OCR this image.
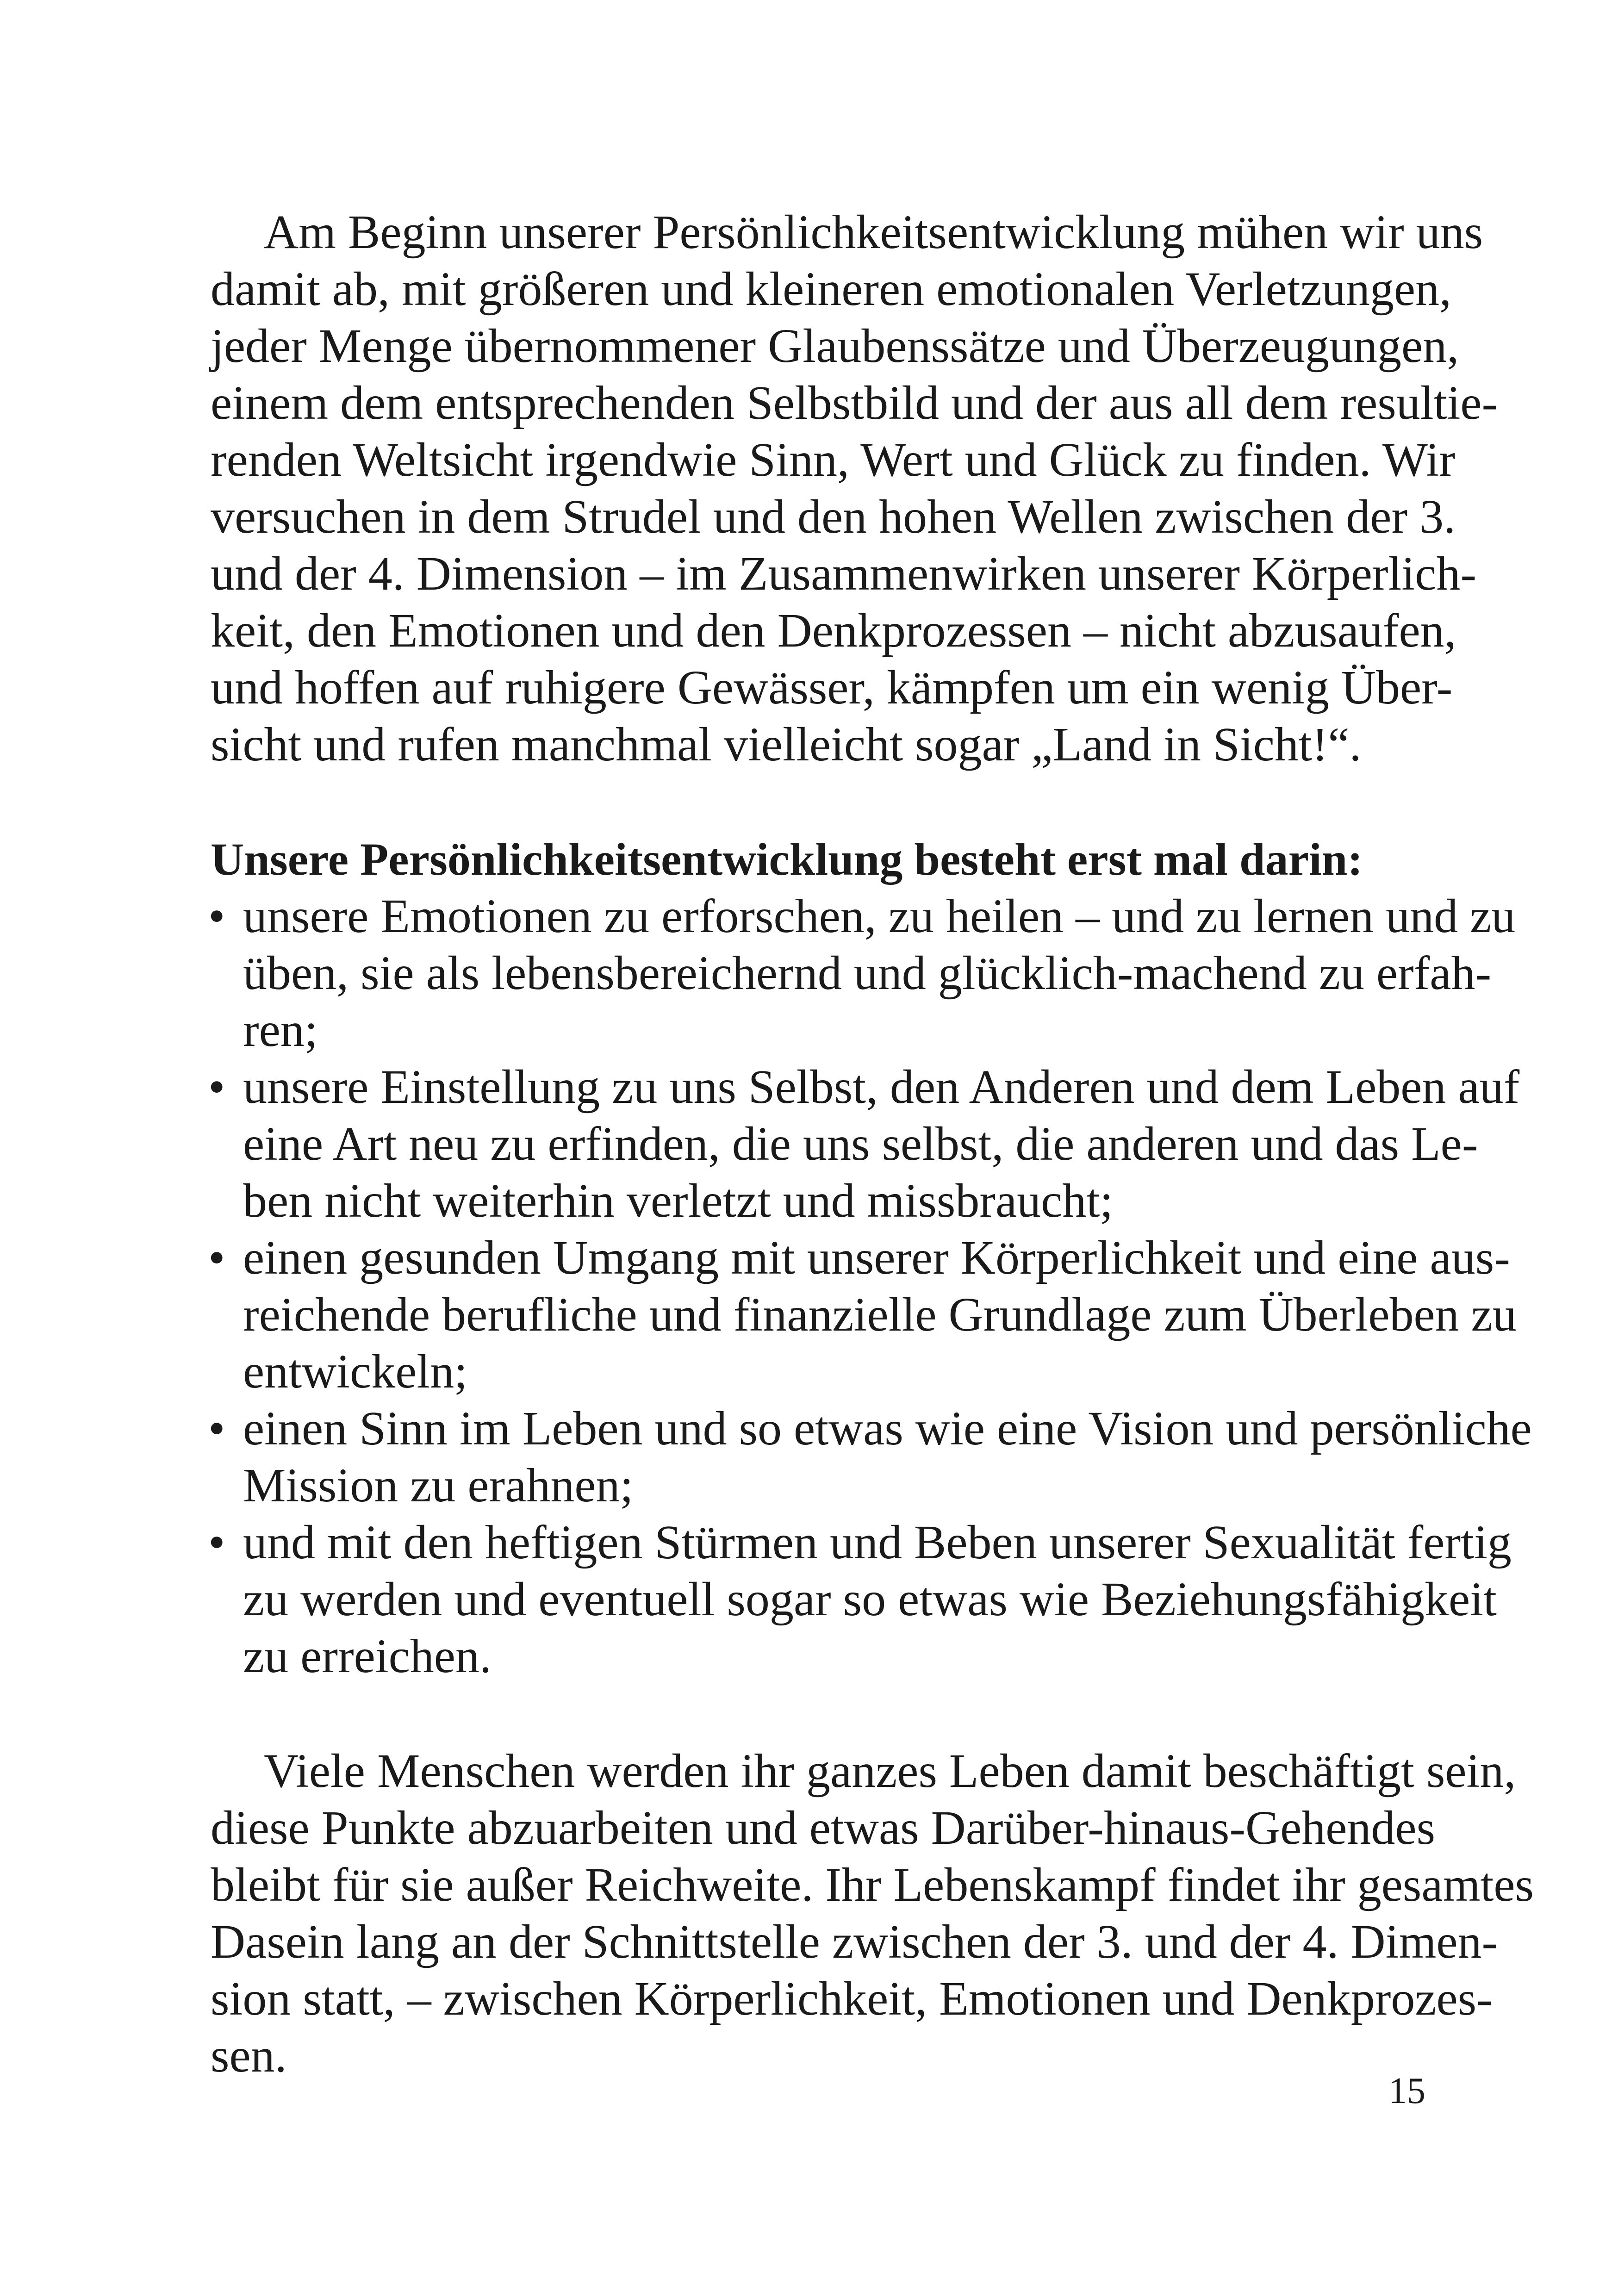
Am Beginn unserer Persönlichkeitsentwicklung mühen wir uns
damit ab, mit größeren und kleineren emotionalen Verletzungen,
jeder Menge übernommener Glaubenssätze und Überzeugungen,
einem dem entsprechenden Selbstbild und der aus all dem resultie-
renden Weltsicht irgendwie Sinn, Wert und Glück zu finden. Wir
versuchen in dem Strudel und den hohen Wellen zwischen der 3.
und der 4. Dimension – im Zusammenwirken unserer Körperlich-
keit, den Emotionen und den Denkprozessen – nicht abzusaufen,
und hoffen auf ruhigere Gewässer, kämpfen um ein wenig Über-
sicht und rufen manchmal vielleicht sogar „Land in Sicht!“.
Unsere Persönlichkeitsentwicklung besteht erst mal darin:
• unsere Emotionen zu erforschen, zu heilen – und zu lernen und zu
üben, sie als lebensbereichernd und glücklich-machend zu erfah-
ren;
• unsere Einstellung zu uns Selbst, den Anderen und dem Leben auf
eine Art neu zu erfinden, die uns selbst, die anderen und das Le-
ben nicht weiterhin verletzt und missbraucht;
• einen gesunden Umgang mit unserer Körperlichkeit und eine aus-
reichende berufliche und finanzielle Grundlage zum Überleben zu
entwickeln;
• einen Sinn im Leben und so etwas wie eine Vision und persönliche
Mission zu erahnen;
• und mit den heftigen Stürmen und Beben unserer Sexualität fertig
zu werden und eventuell sogar so etwas wie Beziehungsfähigkeit
zu erreichen.
Viele Menschen werden ihr ganzes Leben damit beschäftigt sein,
diese Punkte abzuarbeiten und etwas Darüber-hinaus-Gehendes
bleibt für sie außer Reichweite. Ihr Lebenskampf findet ihr gesamtes
Dasein lang an der Schnittstelle zwischen der 3. und der 4. Dimen-
sion statt, – zwischen Körperlichkeit, Emotionen und Denkprozes-
sen.
15
